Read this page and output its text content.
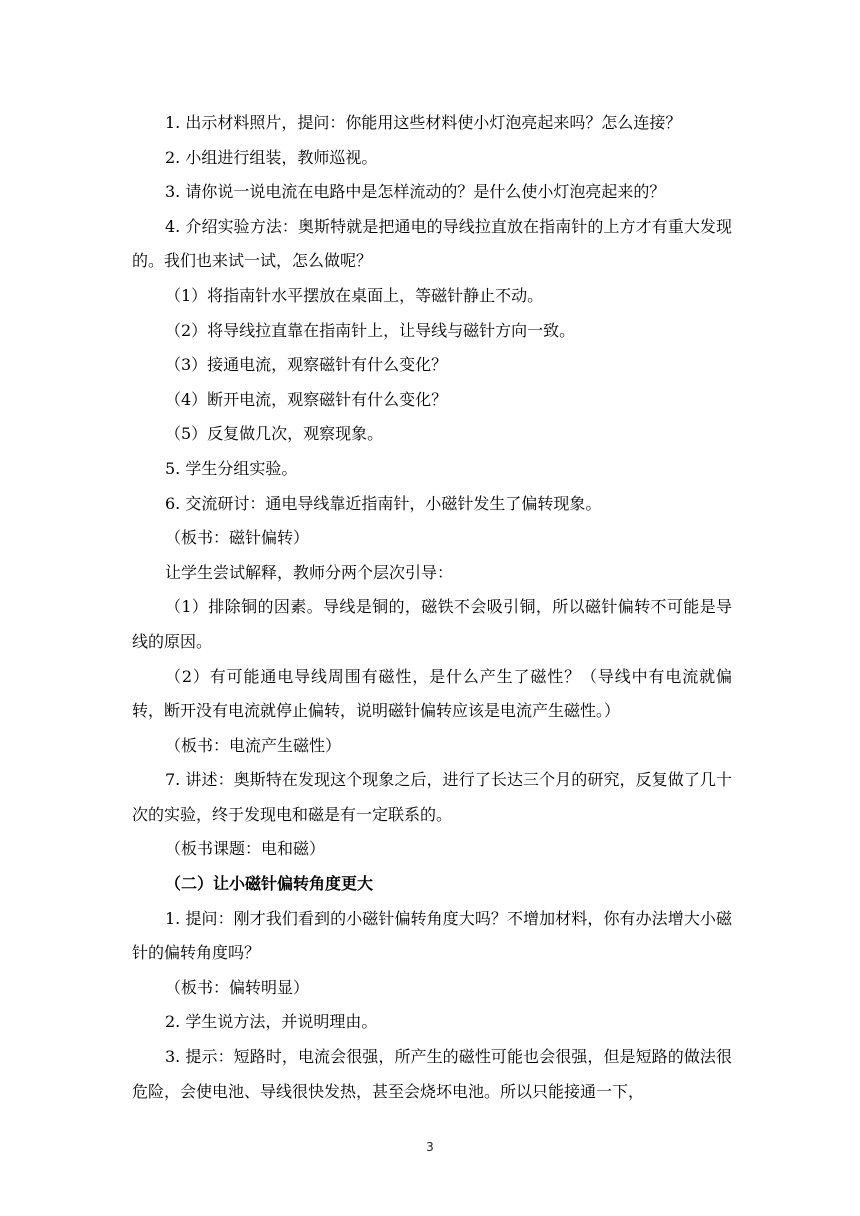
1. 出示材料照片，提问：你能用这些材料使小灯泡亮起来吗？怎么连接？

2. 小组进行组装，教师巡视。

3. 请你说一说电流在电路中是怎样流动的？是什么使小灯泡亮起来的？

4. 介绍实验方法：奥斯特就是把通电的导线拉直放在指南针的上方才有重大发现的。我们也来试一试，怎么做呢？

（1）将指南针水平摆放在桌面上，等磁针静止不动。

（2）将导线拉直靠在指南针上，让导线与磁针方向一致。

（3）接通电流，观察磁针有什么变化？

（4）断开电流，观察磁针有什么变化？

（5）反复做几次，观察现象。

5. 学生分组实验。

6. 交流研讨：通电导线靠近指南针，小磁针发生了偏转现象。

（板书：磁针偏转）

让学生尝试解释，教师分两个层次引导：

（1）排除铜的因素。导线是铜的，磁铁不会吸引铜，所以磁针偏转不可能是导线的原因。

（2）有可能通电导线周围有磁性，是什么产生了磁性？（导线中有电流就偏转，断开没有电流就停止偏转，说明磁针偏转应该是电流产生磁性。）

（板书：电流产生磁性）

7. 讲述：奥斯特在发现这个现象之后，进行了长达三个月的研究，反复做了几十次的实验，终于发现电和磁是有一定联系的。

（板书课题：电和磁）

（二）让小磁针偏转角度更大

1. 提问：刚才我们看到的小磁针偏转角度大吗？不增加材料，你有办法增大小磁针的偏转角度吗？

（板书：偏转明显）

2. 学生说方法，并说明理由。

3. 提示：短路时，电流会很强，所产生的磁性可能也会很强，但是短路的做法很危险，会使电池、导线很快发热，甚至会烧坏电池。所以只能接通一下，

3
